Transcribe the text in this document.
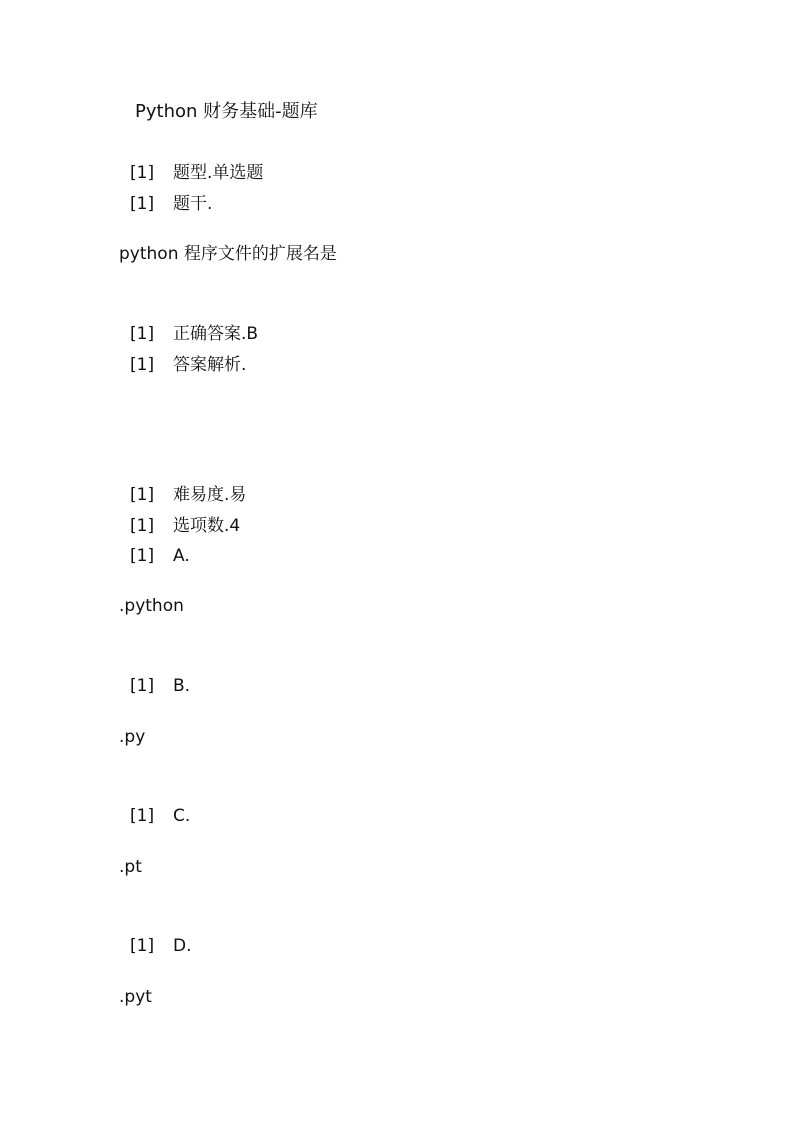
Python 财务基础-题库
[1]	题型.单选题
[1]	题干.
python 程序文件的扩展名是
[1]	正确答案.B
[1]	答案解析.
[1]	难易度.易
[1]	选项数.4
[1]	A.
.python
[1]	B.
.py
[1]	C.
.pt
[1]	D.
.pyt
